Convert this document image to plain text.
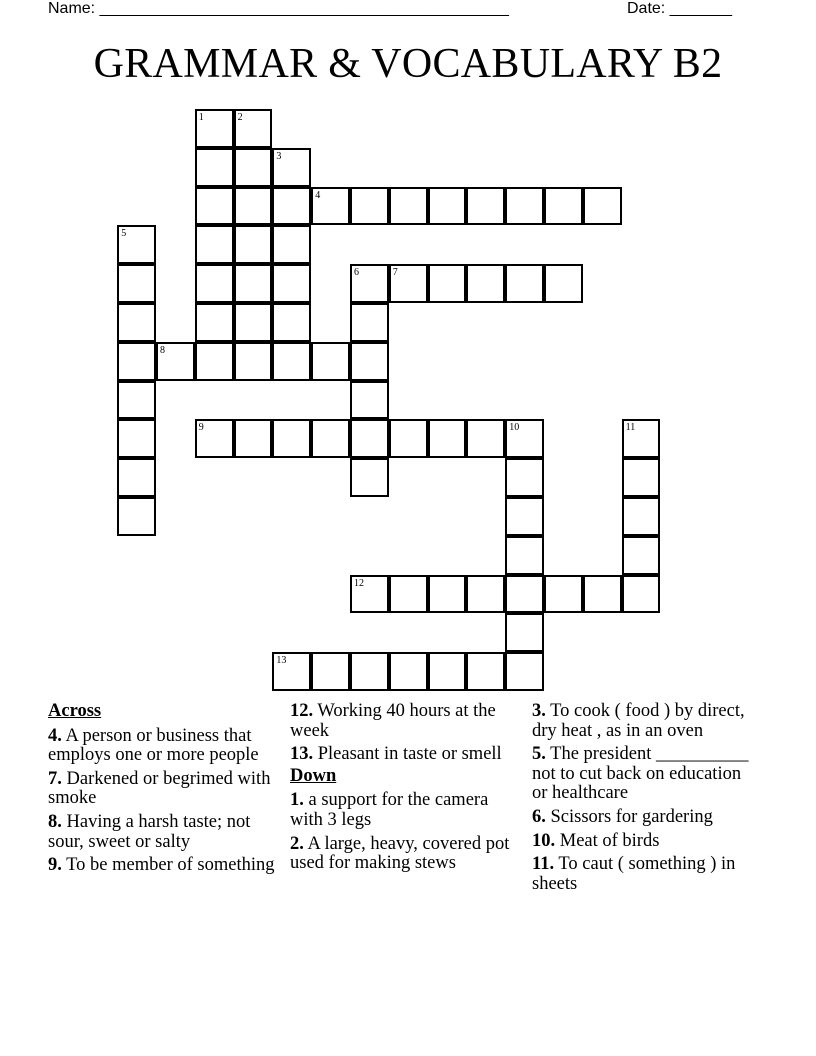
Name: ______________________________________________	Date: _______
GRAMMAR & VOCABULARY B2
1	2
3
4
5
6	7
8
9	10	11
12
13
Across
4. A person or business that employs one or more people
7. Darkened or begrimed with smoke
8. Having a harsh taste; not sour, sweet or salty
9. To be member of something
12. Working 40 hours at the week
13. Pleasant in taste or smell
Down
1. a support for the camera with 3 legs
2. A large, heavy, covered pot used for making stews
3. To cook ( food ) by direct, dry heat , as in an oven
5. The president __________ not to cut back on education or healthcare
6. Scissors for gardering
10. Meat of birds
11. To caut ( something ) in sheets
